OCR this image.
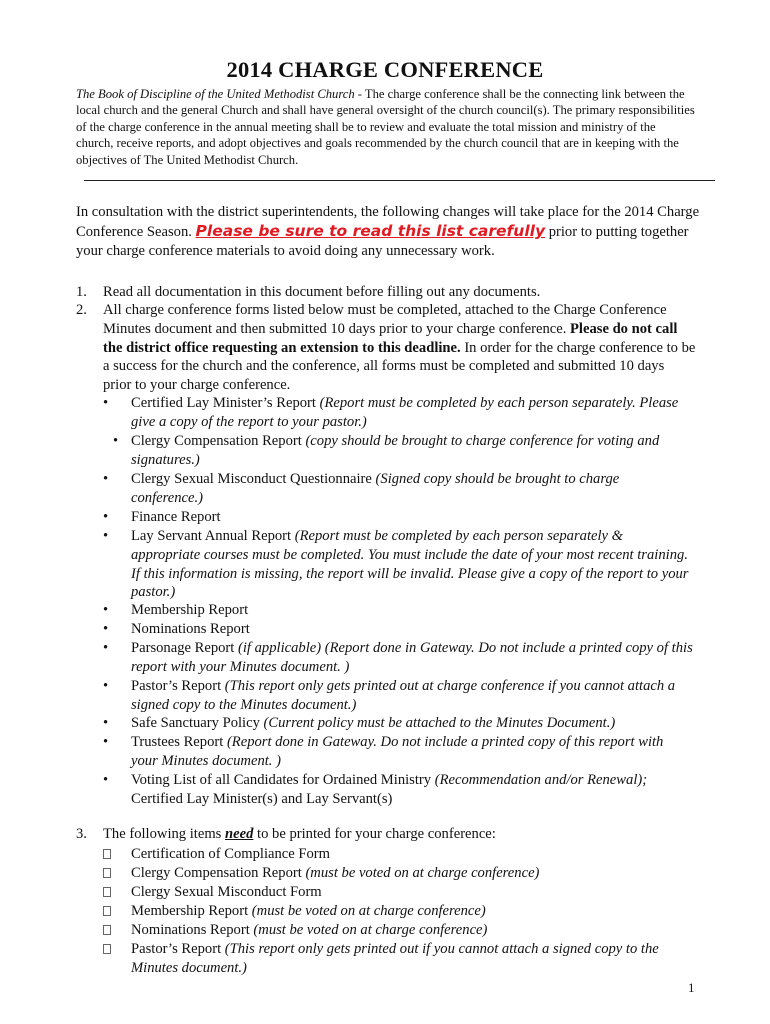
2014 CHARGE CONFERENCE
The Book of Discipline of the United Methodist Church - The charge conference shall be the connecting link between the local church and the general Church and shall have general oversight of the church council(s). The primary responsibilities of the charge conference in the annual meeting shall be to review and evaluate the total mission and ministry of the church, receive reports, and adopt objectives and goals recommended by the church council that are in keeping with the objectives of The United Methodist Church.
In consultation with the district superintendents, the following changes will take place for the 2014 Charge Conference Season. Please be sure to read this list carefully prior to putting together your charge conference materials to avoid doing any unnecessary work.
1. Read all documentation in this document before filling out any documents.
2. All charge conference forms listed below must be completed, attached to the Charge Conference Minutes document and then submitted 10 days prior to your charge conference. Please do not call the district office requesting an extension to this deadline. In order for the charge conference to be a success for the church and the conference, all forms must be completed and submitted 10 days prior to your charge conference.
• Certified Lay Minister’s Report (Report must be completed by each person separately. Please give a copy of the report to your pastor.)
• Clergy Compensation Report (copy should be brought to charge conference for voting and signatures.)
• Clergy Sexual Misconduct Questionnaire (Signed copy should be brought to charge conference.)
• Finance Report
• Lay Servant Annual Report (Report must be completed by each person separately & appropriate courses must be completed. You must include the date of your most recent training. If this information is missing, the report will be invalid. Please give a copy of the report to your pastor.)
• Membership Report
• Nominations Report
• Parsonage Report (if applicable) (Report done in Gateway. Do not include a printed copy of this report with your Minutes document. )
• Pastor’s Report (This report only gets printed out at charge conference if you cannot attach a signed copy to the Minutes document.)
• Safe Sanctuary Policy (Current policy must be attached to the Minutes Document.)
• Trustees Report (Report done in Gateway. Do not include a printed copy of this report with your Minutes document. )
• Voting List of all Candidates for Ordained Ministry (Recommendation and/or Renewal);
Certified Lay Minister(s) and Lay Servant(s)
3. The following items need to be printed for your charge conference:
Certification of Compliance Form
Clergy Compensation Report (must be voted on at charge conference)
Clergy Sexual Misconduct Form
Membership Report (must be voted on at charge conference)
Nominations Report (must be voted on at charge conference)
Pastor’s Report (This report only gets printed out if you cannot attach a signed copy to the Minutes document.)
1
